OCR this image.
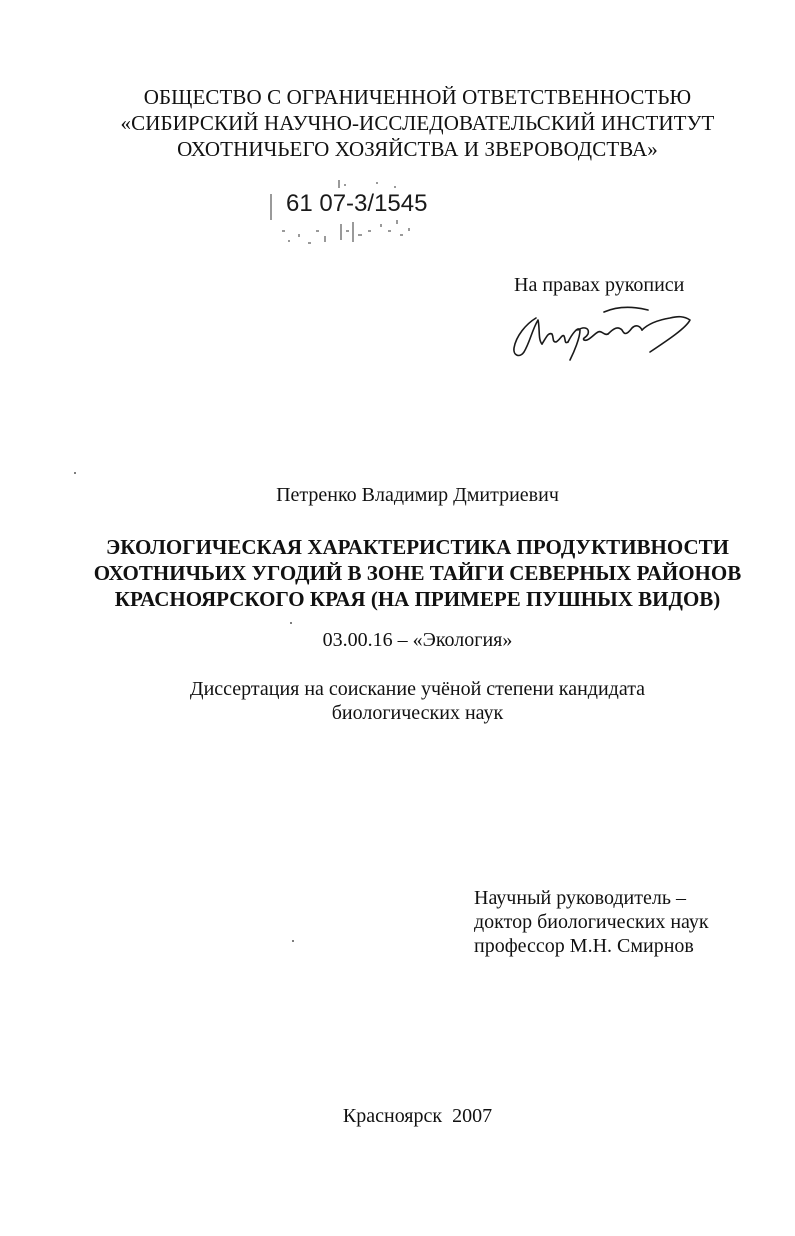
ОБЩЕСТВО С ОГРАНИЧЕННОЙ ОТВЕТСТВЕННОСТЬЮ
«СИБИРСКИЙ НАУЧНО-ИССЛЕДОВАТЕЛЬСКИЙ ИНСТИТУТ
ОХОТНИЧЬЕГО ХОЗЯЙСТВА И ЗВЕРОВОДСТВА»
61 07-3/1545
На правах рукописи
Петренко Владимир Дмитриевич
ЭКОЛОГИЧЕСКАЯ ХАРАКТЕРИСТИКА ПРОДУКТИВНОСТИ
ОХОТНИЧЬИХ УГОДИЙ В ЗОНЕ ТАЙГИ СЕВЕРНЫХ РАЙОНОВ
КРАСНОЯРСКОГО КРАЯ (НА ПРИМЕРЕ ПУШНЫХ ВИДОВ)
03.00.16 – «Экология»
Диссертация на соискание учёной степени кандидата
биологических наук
Научный руководитель –
доктор биологических наук
профессор М.Н. Смирнов
Красноярск  2007
